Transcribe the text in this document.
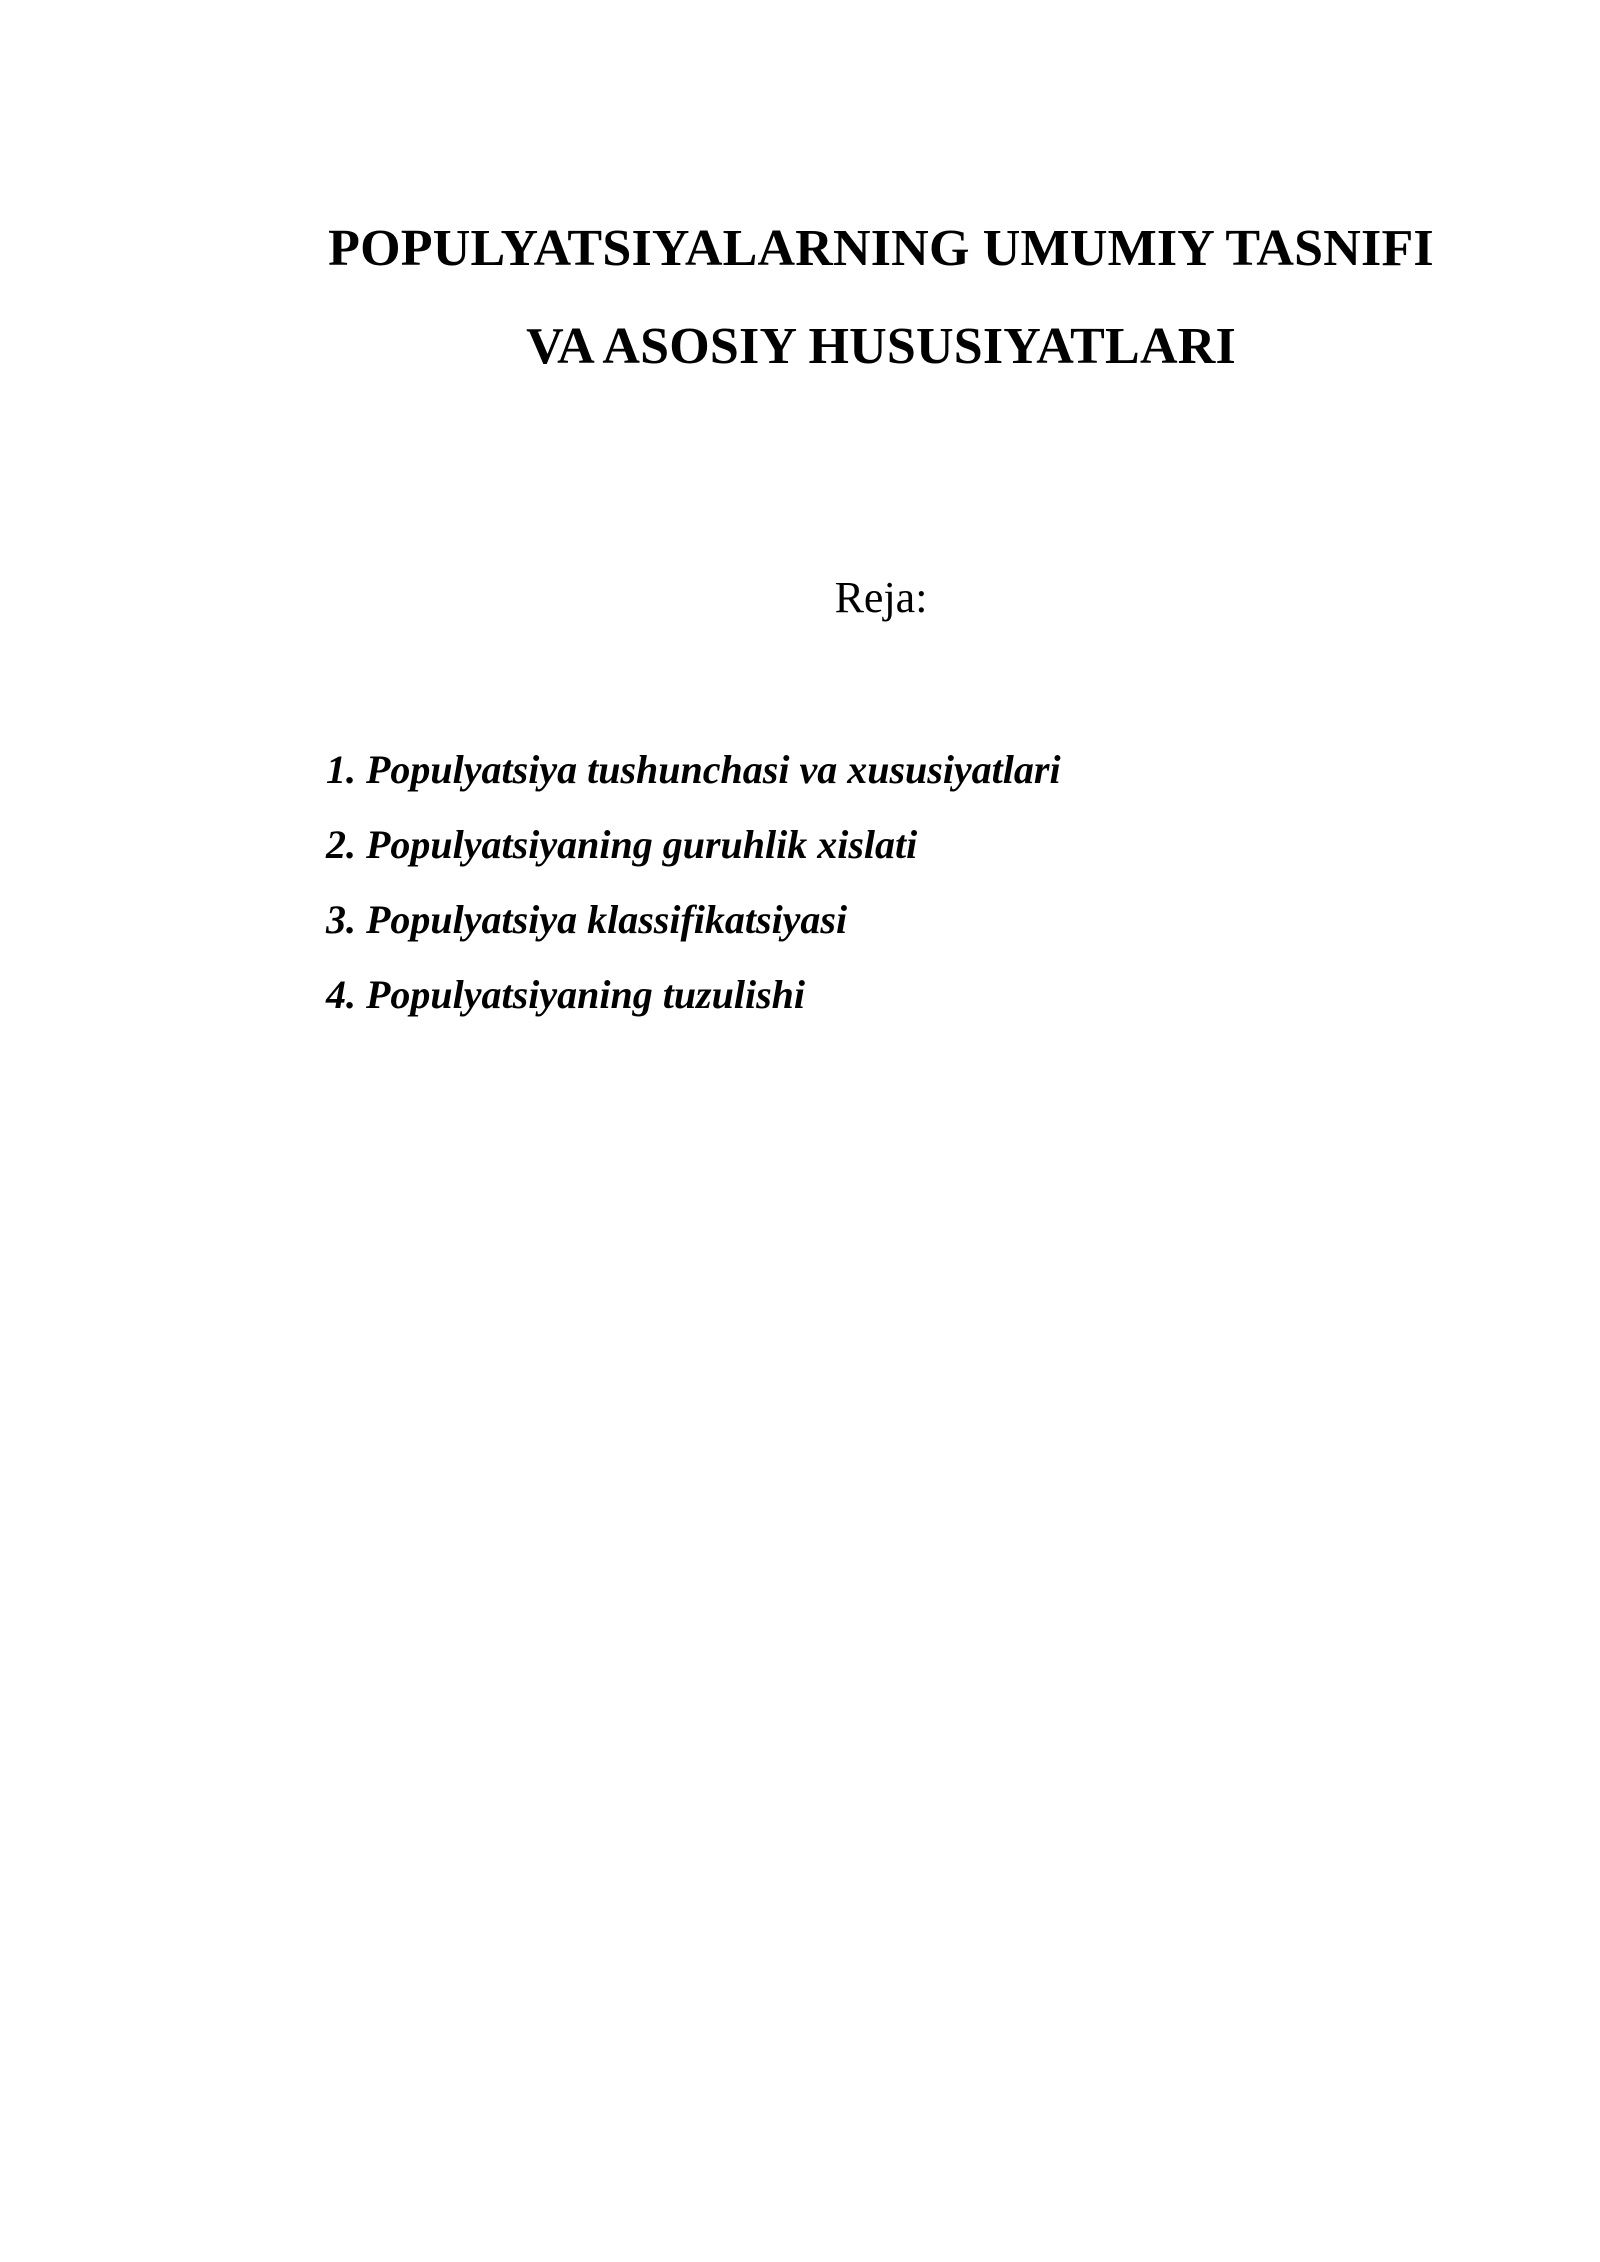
POPULYATSIYALARNING UMUMIY TASNIFI
VA ASOSIY HUSUSIYATLARI
Reja:
1. Populyatsiya tushunchasi va xususiyatlari
2. Populyatsiyaning guruhlik xislati
3. Populyatsiya klassifikatsiyasi
4. Populyatsiyaning tuzulishi
